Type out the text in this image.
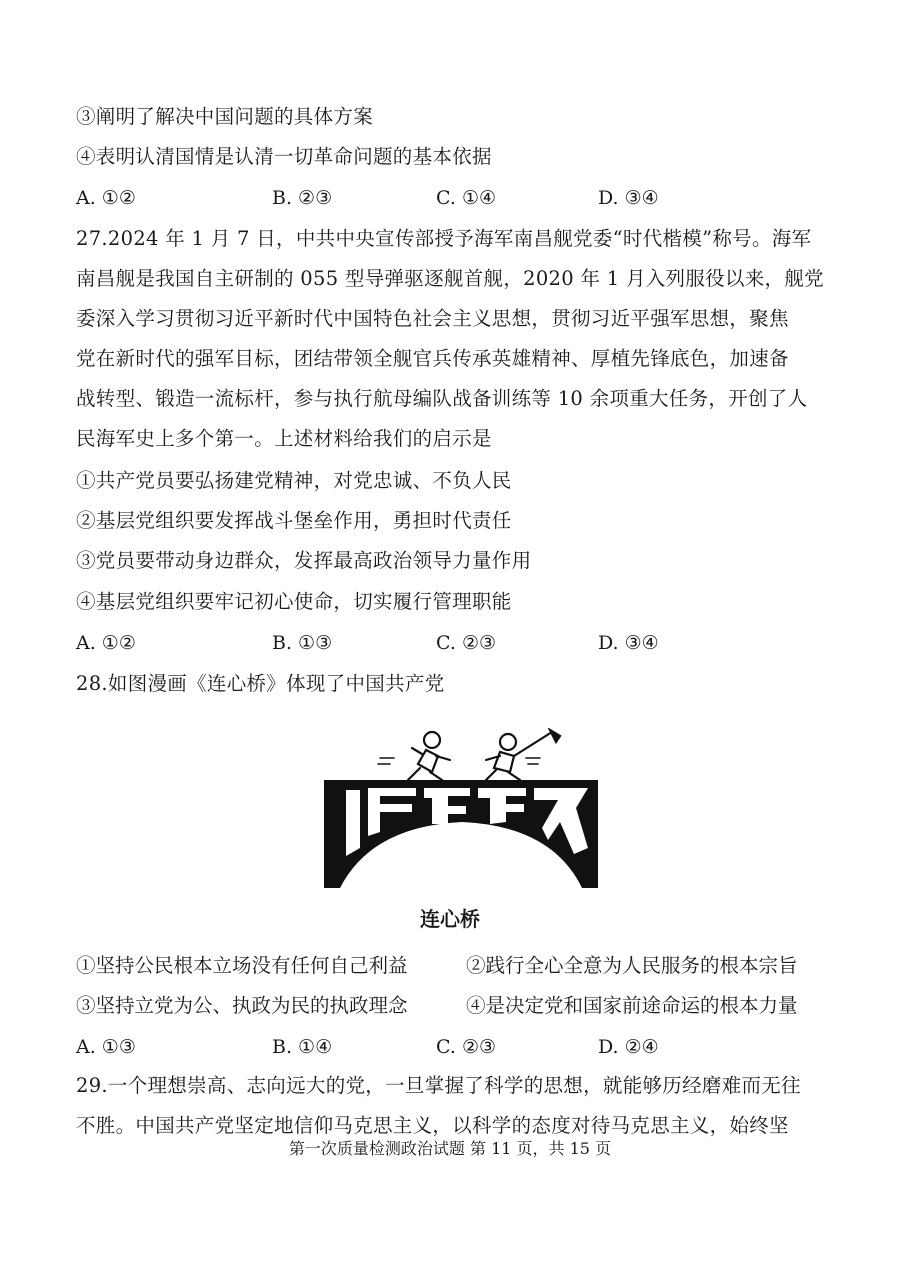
③阐明了解决中国问题的具体方案
④表明认清国情是认清一切革命问题的基本依据
A. ①②	B. ②③	C. ①④	D. ③④
27.2024 年 1 月 7 日，中共中央宣传部授予海军南昌舰党委“时代楷模”称号。海军
南昌舰是我国自主研制的 055 型导弹驱逐舰首舰，2020 年 1 月入列服役以来，舰党
委深入学习贯彻习近平新时代中国特色社会主义思想，贯彻习近平强军思想，聚焦
党在新时代的强军目标，团结带领全舰官兵传承英雄精神、厚植先锋底色，加速备
战转型、锻造一流标杆，参与执行航母编队战备训练等 10 余项重大任务，开创了人
民海军史上多个第一。上述材料给我们的启示是
①共产党员要弘扬建党精神，对党忠诚、不负人民
②基层党组织要发挥战斗堡垒作用，勇担时代责任
③党员要带动身边群众，发挥最高政治领导力量作用
④基层党组织要牢记初心使命，切实履行管理职能
A. ①②	B. ①③	C. ②③	D. ③④
28.如图漫画《连心桥》体现了中国共产党
连心桥
①坚持公民根本立场没有任何自己利益	②践行全心全意为人民服务的根本宗旨
③坚持立党为公、执政为民的执政理念	④是决定党和国家前途命运的根本力量
A. ①③	B. ①④	C. ②③	D. ②④
29.一个理想崇高、志向远大的党，一旦掌握了科学的思想，就能够历经磨难而无往
不胜。中国共产党坚定地信仰马克思主义，以科学的态度对待马克思主义，始终坚
第一次质量检测政治试题 第 11 页，共 15 页
